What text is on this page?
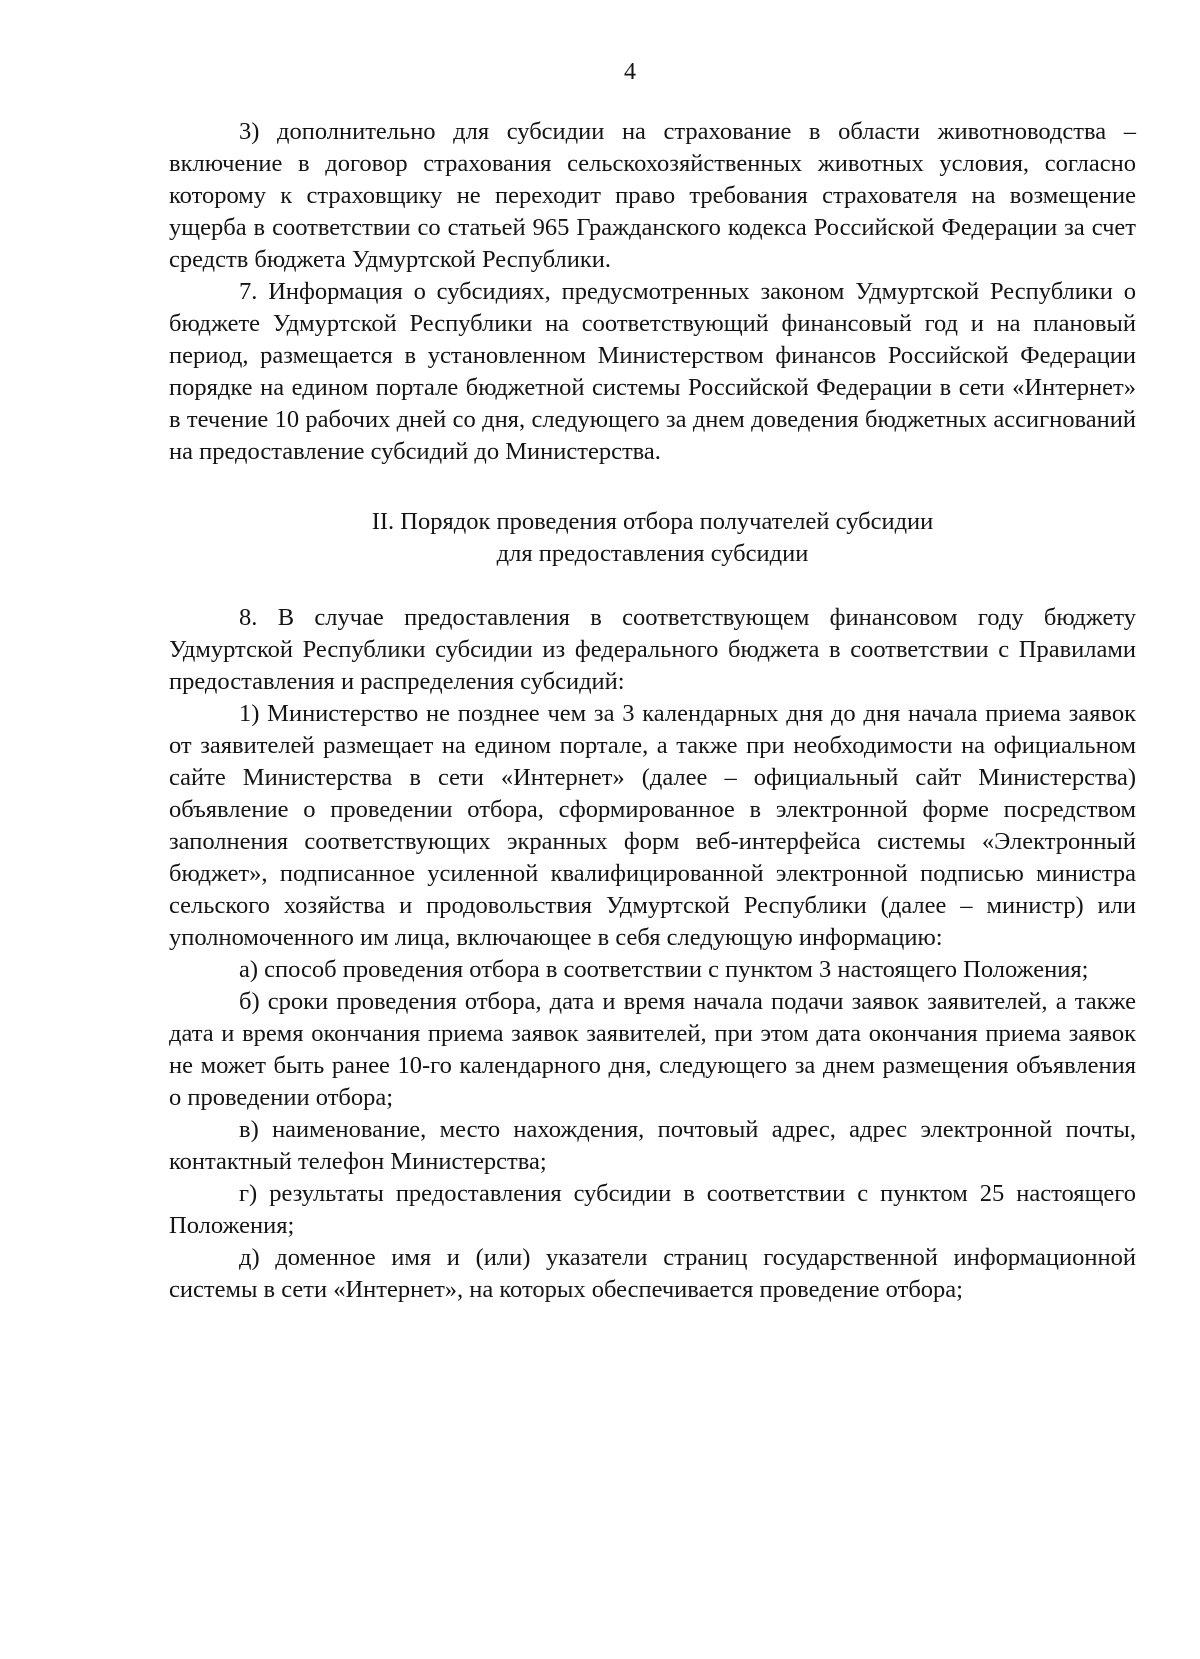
4

3) дополнительно для субсидии на страхование в области животноводства – включение в договор страхования сельскохозяйственных животных условия, согласно которому к страховщику не переходит право требования страхователя на возмещение ущерба в соответствии со статьей 965 Гражданского кодекса Российской Федерации за счет средств бюджета Удмуртской Республики.

7. Информация о субсидиях, предусмотренных законом Удмуртской Республики о бюджете Удмуртской Республики на соответствующий финансовый год и на плановый период, размещается в установленном Министерством финансов Российской Федерации порядке на едином портале бюджетной системы Российской Федерации в сети «Интернет» в течение 10 рабочих дней со дня, следующего за днем доведения бюджетных ассигнований на предоставление субсидий до Министерства.

II. Порядок проведения отбора получателей субсидии
для предоставления субсидии

8. В случае предоставления в соответствующем финансовом году бюджету Удмуртской Республики субсидии из федерального бюджета в соответствии с Правилами предоставления и распределения субсидий:

1) Министерство не позднее чем за 3 календарных дня до дня начала приема заявок от заявителей размещает на едином портале, а также при необходимости на официальном сайте Министерства в сети «Интернет» (далее – официальный сайт Министерства) объявление о проведении отбора, сформированное в электронной форме посредством заполнения соответствующих экранных форм веб-интерфейса системы «Электронный бюджет», подписанное усиленной квалифицированной электронной подписью министра сельского хозяйства и продовольствия Удмуртской Республики (далее – министр) или уполномоченного им лица, включающее в себя следующую информацию:

а) способ проведения отбора в соответствии с пунктом 3 настоящего Положения;

б) сроки проведения отбора, дата и время начала подачи заявок заявителей, а также дата и время окончания приема заявок заявителей, при этом дата окончания приема заявок не может быть ранее 10-го календарного дня, следующего за днем размещения объявления о проведении отбора;

в) наименование, место нахождения, почтовый адрес, адрес электронной почты, контактный телефон Министерства;

г) результаты предоставления субсидии в соответствии с пунктом 25 настоящего Положения;

д) доменное имя и (или) указатели страниц государственной информационной системы в сети «Интернет», на которых обеспечивается проведение отбора;
